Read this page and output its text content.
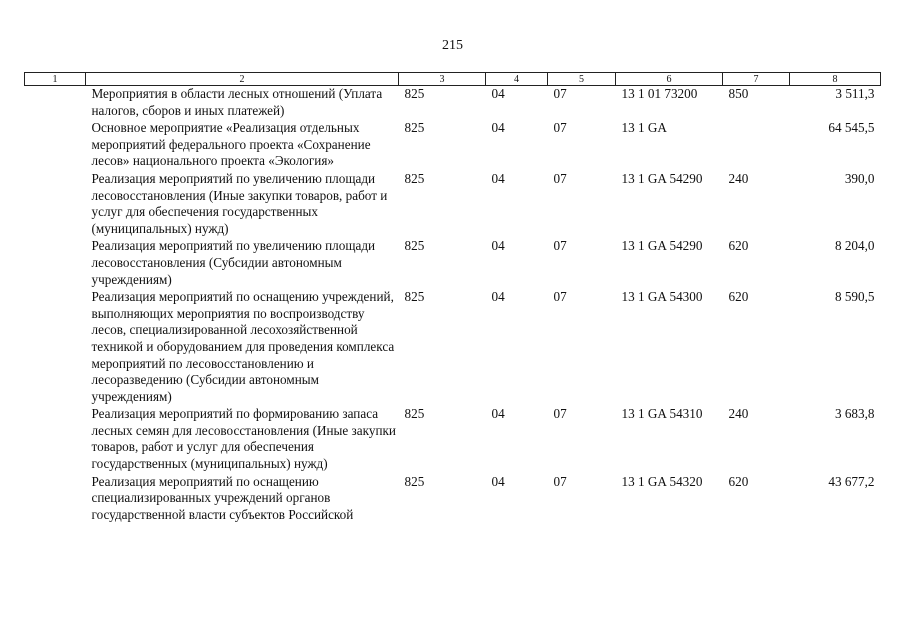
215
1	2	3	4	5	6	7	8
	Мероприятия в области лесных отношений (Уплата налогов, сборов и иных платежей)	825	04	07	13 1 01 73200	850	3 511,3
	Основное мероприятие «Реализация отдельных мероприятий федерального проекта «Сохранение лесов» национального проекта «Экология»	825	04	07	13 1 GA		64 545,5
	Реализация мероприятий по увеличению площади лесовосстановления (Иные закупки товаров, работ и услуг для обеспечения государственных (муниципальных) нужд)	825	04	07	13 1 GA 54290	240	390,0
	Реализация мероприятий по увеличению площади лесовосстановления (Субсидии автономным учреждениям)	825	04	07	13 1 GA 54290	620	8 204,0
	Реализация мероприятий по оснащению учреждений, выполняющих мероприятия по воспроизводству лесов, специализированной лесохозяйственной техникой и оборудованием для проведения комплекса мероприятий по лесовосстановлению и лесоразведению (Субсидии автономным учреждениям)	825	04	07	13 1 GA 54300	620	8 590,5
	Реализация мероприятий по формированию запаса лесных семян для лесовосстановления (Иные закупки товаров, работ и услуг для обеспечения государственных (муниципальных) нужд)	825	04	07	13 1 GA 54310	240	3 683,8
	Реализация мероприятий по оснащению специализированных учреждений органов государственной власти субъектов Российской	825	04	07	13 1 GA 54320	620	43 677,2
